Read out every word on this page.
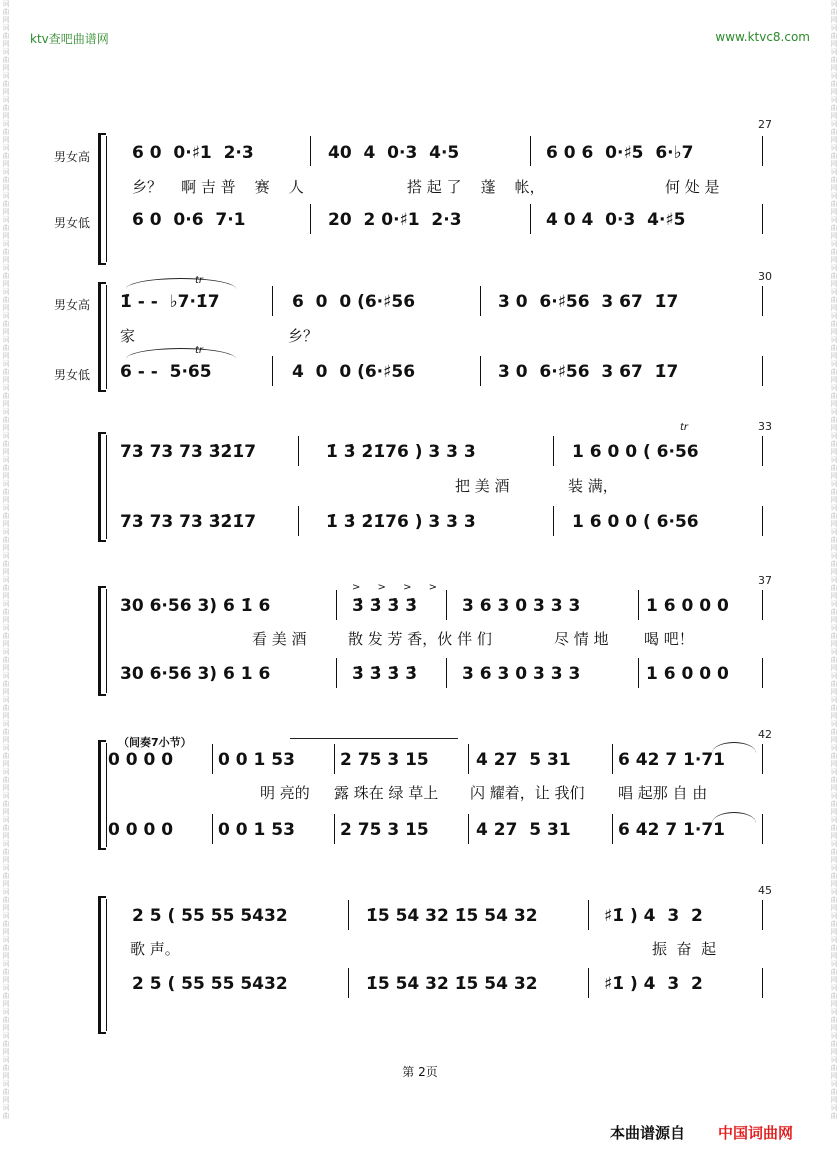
词
曲
网
词
曲
网
词
曲
网
词
曲
网
词
曲
网
词
曲
网
词
曲
网
词
曲
网
词
曲
网
词
曲
网
词
曲
网
词
曲
网
词
曲
网
词
曲
网
词
曲
网
词
曲
网
词
曲
网
词
曲
网
词
曲
网
词
曲
网
词
曲
网
词
曲
网
词
曲
网
词
曲
网
词
曲
网
词
曲
网
词
曲
网
词
曲
网
词
曲
网
词
曲
网
词
曲
网
词
曲
网
词
曲
网
词
曲
网
词
曲
网
词
曲
网
词
曲
网
词
曲
网
词
曲
网
词
曲
网
词
曲
网
词
曲
网
词
曲
网
词
曲
网
词
曲
网
词
曲
网
词
曲
词
曲
网
词
曲
网
词
曲
网
词
曲
网
词
曲
网
词
曲
网
词
曲
网
词
曲
网
词
曲
网
词
曲
网
词
曲
网
词
曲
网
词
曲
网
词
曲
网
词
曲
网
词
曲
网
词
曲
网
词
曲
网
词
曲
网
词
曲
网
词
曲
网
词
曲
网
词
曲
网
词
曲
网
词
曲
网
词
曲
网
词
曲
网
词
曲
网
词
曲
网
词
曲
网
词
曲
网
词
曲
网
词
曲
网
词
曲
网
词
曲
网
词
曲
网
词
曲
网
词
曲
网
词
曲
网
词
曲
网
词
曲
网
词
曲
网
词
曲
网
词
曲
网
词
曲
网
词
曲
网
词
曲
ktv查吧曲谱网	www.ktvc8.com
27
男女高
男女低
6 0  0·♯1  2·3	40  4  0·3  4·5	6 0 6  0·♯5  6·♭7
乡？    啊 吉 普    赛    人	搭 起 了    蓬    帐，	何 处 是
6 0  0·6  7·1	20  2 0·♯1  2·3	4 0 4  0·3  4·♯5
30
男女高
男女低
tr
tr
1̇ - -  ♭7·1̇7	6  0  0 (6·♯56	3 0  6·♯56  3 67  1̇7
家	乡？
6 - -  5·65	4  0  0 (6·♯56	3 0  6·♯56  3 67  1̇7
33
tr
73 73 73 3̇2̇1̇7	1̇ 3̇ 2̇1̇76 ) 3 3 3	1 6 0 0 ( 6·56
把 美 酒	装 满，
73 73 73 3̇2̇1̇7	1̇ 3̇ 2̇1̇76 ) 3 3 3	1 6 0 0 ( 6·56
37
> > > >
30 6·56 3) 6 1̇ 6	3̇ 3̇ 3̇ 3̇	3 6 3 0 3 3 3	1 6 0 0 0
看 美 酒	散 发 芳 香，伙 伴 们	尽 情 地 喝 吧！
30 6·56 3) 6 1 6	3̇ 3̇ 3̇ 3̇	3 6 3 0 3 3 3	1 6 0 0 0
42
（间奏7小节）
0 0 0 0	0 0 1 53	2 75 3 15	4 27  5 31	6 42 7 1·71
明 亮的 露 珠在 绿 草上 闪 耀着，让 我们 唱 起那 自 由
0 0 0 0	0 0 1 53	2 75 3 15	4 27  5 31	6 42 7 1·71
45
2 5 ( 55 55 5432	1̇5 54 32 1̇5 54 32	♯1̇ ) 4  3  2
歌 声。	振  奋  起
2 5 ( 55 55 5432	1̇5 54 32 1̇5 54 32	♯1̇ ) 4  3  2
第 2页
本曲谱源自 中国词曲网
